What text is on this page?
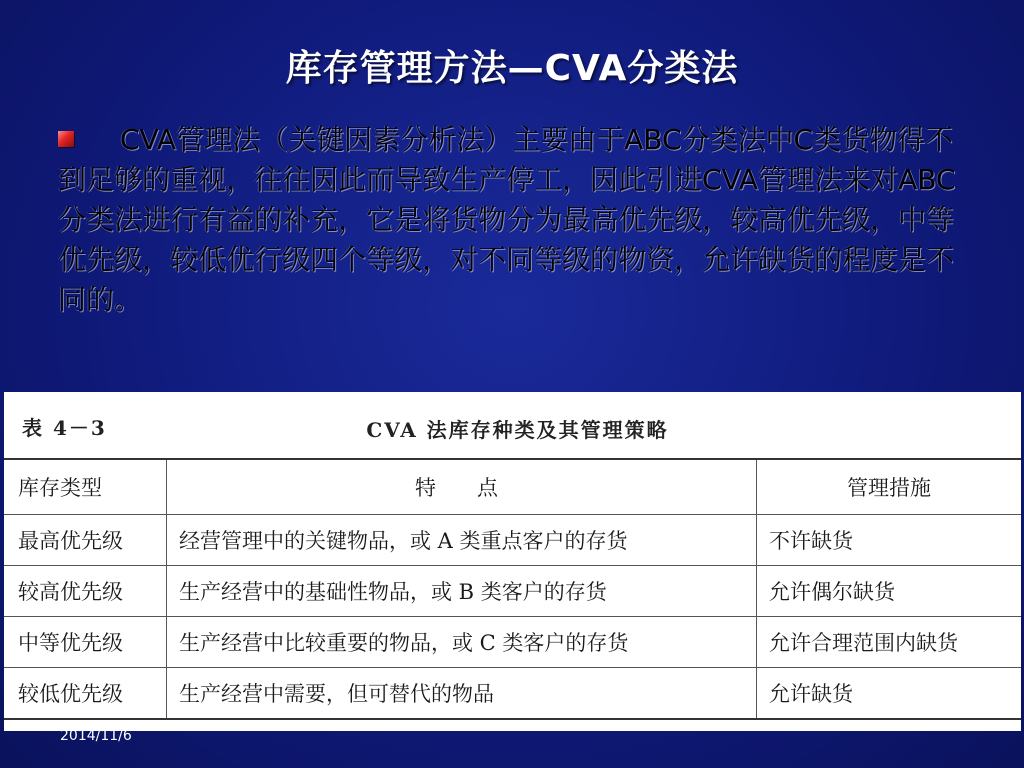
库存管理方法—CVA分类法
CVA管理法（关键因素分析法）主要由于ABC分类法中C类货物得不到足够的重视，往往因此而导致生产停工，因此引进CVA管理法来对ABC分类法进行有益的补充，它是将货物分为最高优先级，较高优先级，中等优先级，较低优行级四个等级，对不同等级的物资，允许缺货的程度是不同的。
表 4－3	CVA 法库存种类及其管理策略
库存类型	特　点	管理措施
最高优先级	经营管理中的关键物品，或 A 类重点客户的存货	不许缺货
较高优先级	生产经营中的基础性物品，或 B 类客户的存货	允许偶尔缺货
中等优先级	生产经营中比较重要的物品，或 C 类客户的存货	允许合理范围内缺货
较低优先级	生产经营中需要，但可替代的物品	允许缺货
2014/11/6
